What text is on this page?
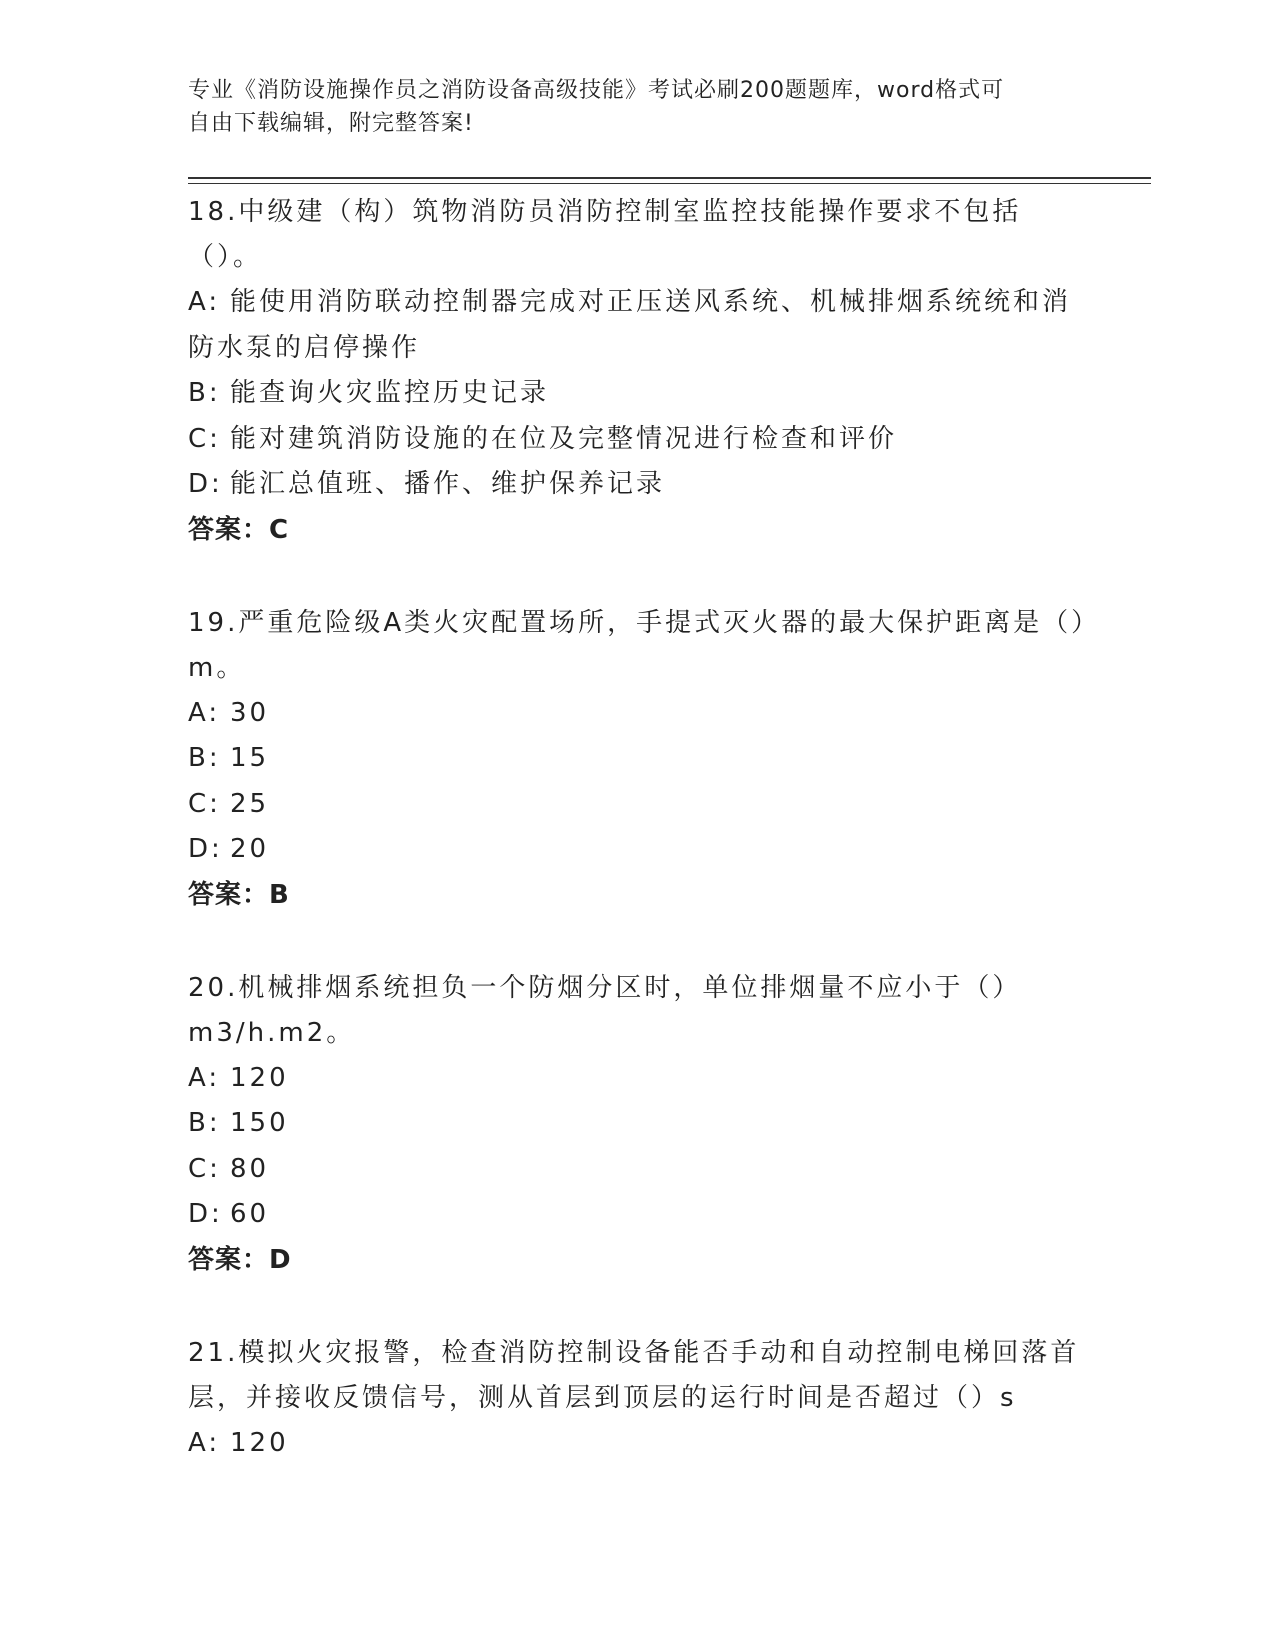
专业《消防设施操作员之消防设备高级技能》考试必刷200题题库，word格式可
自由下载编辑，附完整答案!

18.中级建（构）筑物消防员消防控制室监控技能操作要求不包括（）。

A: 能使用消防联动控制器完成对正压送风系统、机械排烟系统统和消防水泵的启停操作

B: 能查询火灾监控历史记录

C: 能对建筑消防设施的在位及完整情况进行检查和评价

D: 能汇总值班、播作、维护保养记录

答案：C

19.严重危险级A类火灾配置场所，手提式灭火器的最大保护距离是（）m。

A: 30

B: 15

C: 25

D: 20

答案：B

20.机械排烟系统担负一个防烟分区时，单位排烟量不应小于（）m3/h.m2。

A: 120

B: 150

C: 80

D: 60

答案：D

21.模拟火灾报警，检查消防控制设备能否手动和自动控制电梯回落首层，并接收反馈信号，测从首层到顶层的运行时间是否超过（）s

A: 120
